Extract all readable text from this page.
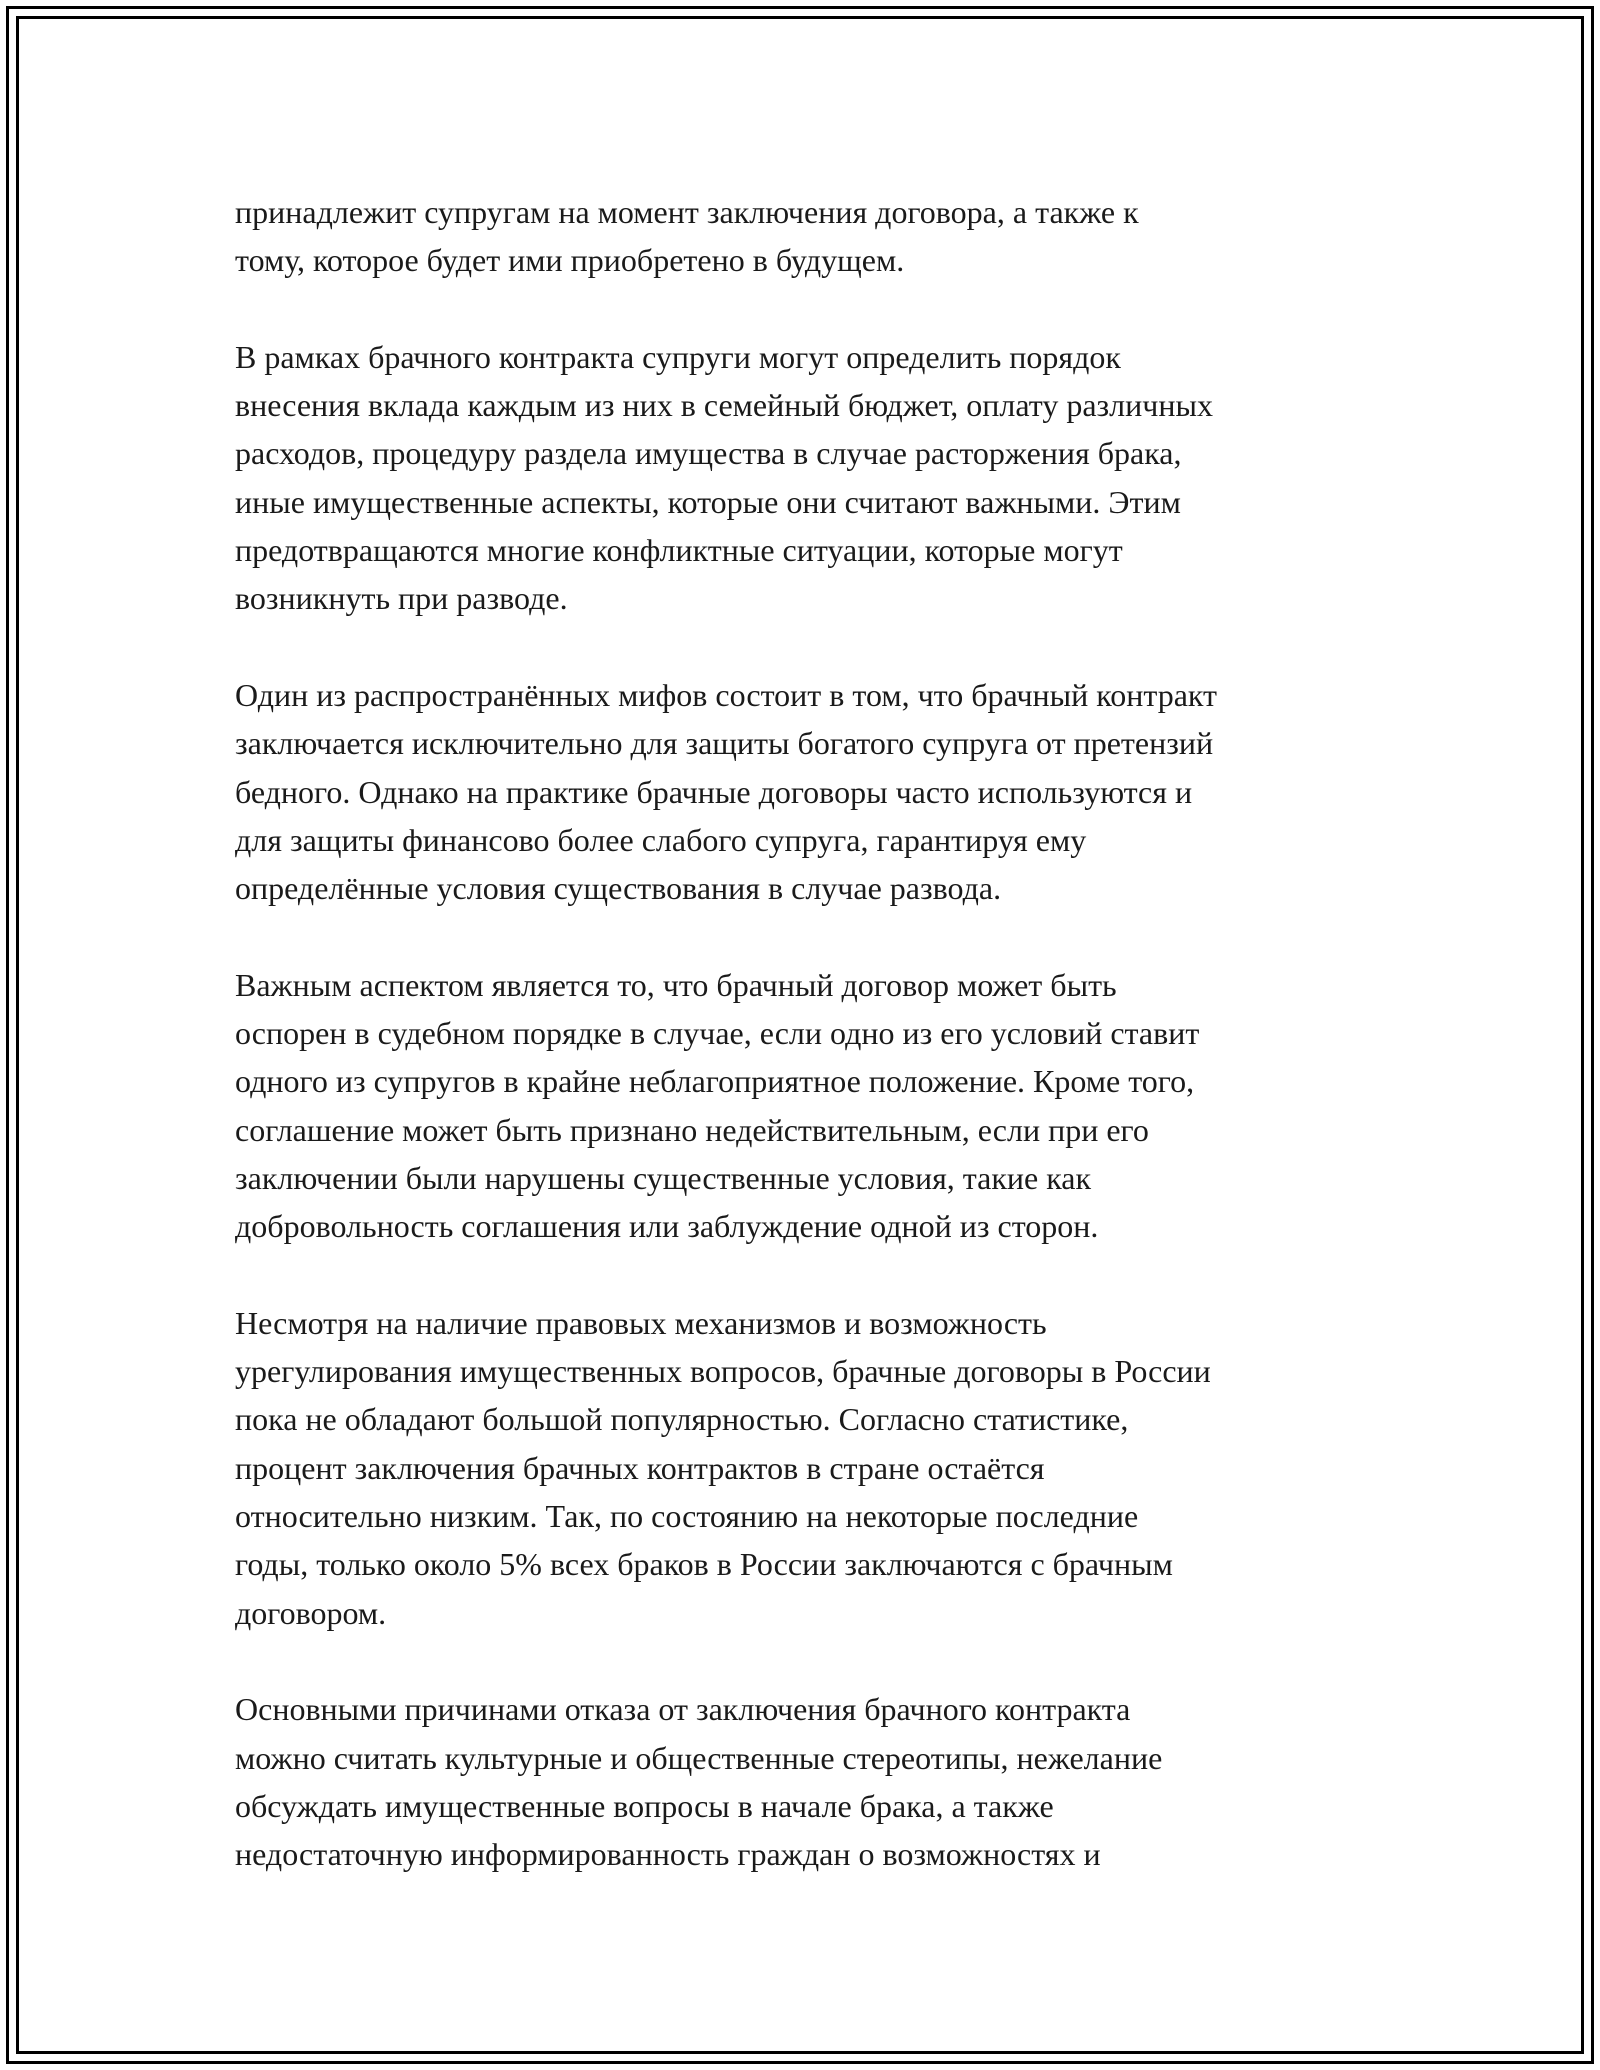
принадлежит супругам на момент заключения договора, а также к
тому, которое будет ими приобретено в будущем.

В рамках брачного контракта супруги могут определить порядок
внесения вклада каждым из них в семейный бюджет, оплату различных
расходов, процедуру раздела имущества в случае расторжения брака,
иные имущественные аспекты, которые они считают важными. Этим
предотвращаются многие конфликтные ситуации, которые могут
возникнуть при разводе.

Один из распространённых мифов состоит в том, что брачный контракт
заключается исключительно для защиты богатого супруга от претензий
бедного. Однако на практике брачные договоры часто используются и
для защиты финансово более слабого супруга, гарантируя ему
определённые условия существования в случае развода.

Важным аспектом является то, что брачный договор может быть
оспорен в судебном порядке в случае, если одно из его условий ставит
одного из супругов в крайне неблагоприятное положение. Кроме того,
соглашение может быть признано недействительным, если при его
заключении были нарушены существенные условия, такие как
добровольность соглашения или заблуждение одной из сторон.

Несмотря на наличие правовых механизмов и возможность
урегулирования имущественных вопросов, брачные договоры в России
пока не обладают большой популярностью. Согласно статистике,
процент заключения брачных контрактов в стране остаётся
относительно низким. Так, по состоянию на некоторые последние
годы, только около 5% всех браков в России заключаются с брачным
договором.

Основными причинами отказа от заключения брачного контракта
можно считать культурные и общественные стереотипы, нежелание
обсуждать имущественные вопросы в начале брака, а также
недостаточную информированность граждан о возможностях и
